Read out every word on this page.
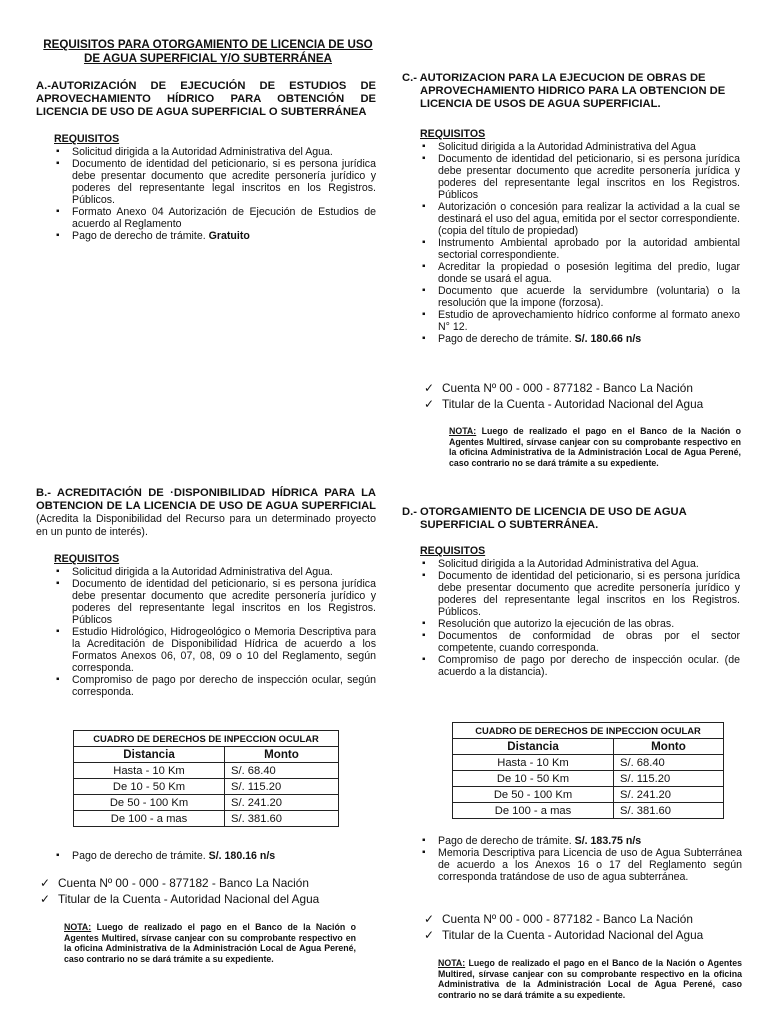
REQUISITOS PARA OTORGAMIENTO DE LICENCIA DE USO DE AGUA SUPERFICIAL Y/O SUBTERRÁNEA

A.-AUTORIZACIÓN DE EJECUCIÓN DE ESTUDIOS DE APROVECHAMIENTO HÍDRICO PARA OBTENCIÓN DE LICENCIA DE USO DE AGUA SUPERFICIAL O SUBTERRÁNEA

REQUISITOS

▪ Solicitud dirigida a la Autoridad Administrativa del Agua.
▪ Documento de identidad del peticionario, si es persona jurídica debe presentar documento que acredite personería jurídico y poderes del representante legal inscritos en los Registros. Públicos.
▪ Formato Anexo 04 Autorización de Ejecución de Estudios de acuerdo al Reglamento
▪ Pago de derecho de trámite. Gratuito

B.- ACREDITACIÓN DE ·DISPONIBILIDAD HÍDRICA PARA LA OBTENCION DE LA LICENCIA DE USO DE AGUA SUPERFICIAL (Acredita la Disponibilidad del Recurso para un determinado proyecto en un punto de interés).

REQUISITOS

▪ Solicitud dirigida a la Autoridad Administrativa del Agua.
▪ Documento de identidad del peticionario, si es persona jurídica debe presentar documento que acredite personería jurídico y poderes del representante legal inscritos en los Registros. Públicos
▪ Estudio Hidrológico, Hidrogeológico o Memoria Descriptiva para la Acreditación de Disponibilidad Hídrica de acuerdo a los Formatos Anexos 06, 07, 08, 09 o 10 del Reglamento, según corresponda.
▪ Compromiso de pago por derecho de inspección ocular, según corresponda.
CUADRO DE DERECHOS DE INPECCION OCULAR	
Distancia	Monto
Hasta - 10 Km	S/. 68.40
De 10 - 50 Km	S/. 115.20
De 50 - 100 Km	S/. 241.20
De 100 - a mas	S/. 381.60
▪ Pago de derecho de trámite. S/. 180.16 n/s
✓ Cuenta Nº 00 - 000 - 877182 - Banco La Nación
✓ Titular de la Cuenta - Autoridad Nacional del Agua
NOTA: Luego de realizado el pago en el Banco de la Nación o Agentes Multired, sírvase canjear con su comprobante respectivo en la oficina Administrativa de la Administración Local de Agua Perené, caso contrario no se dará trámite a su expediente.

C.- AUTORIZACION PARA LA EJECUCION DE OBRAS DE APROVECHAMIENTO HIDRICO PARA LA OBTENCION DE LICENCIA DE USOS DE AGUA SUPERFICIAL.

REQUISITOS

▪ Solicitud dirigida a la Autoridad Administrativa del Agua
▪ Documento de identidad del peticionario, si es persona jurídica debe presentar documento que acredite personería jurídica y poderes del representante legal inscritos en los Registros. Públicos
▪ Autorización o concesión para realizar la actividad a la cual se destinará el uso del agua, emitida por el sector correspondiente. (copia del título de propiedad)
▪ Instrumento Ambiental aprobado por la autoridad ambiental sectorial correspondiente.
▪ Acreditar la propiedad o posesión legitima del predio, lugar donde se usará el agua.
▪ Documento que acuerde la servidumbre (voluntaria) o la resolución que la impone (forzosa).
▪ Estudio de aprovechamiento hídrico conforme al formato anexo N° 12.
▪ Pago de derecho de trámite. S/. 180.66 n/s
✓ Cuenta Nº 00 - 000 - 877182 - Banco La Nación
✓ Titular de la Cuenta - Autoridad Nacional del Agua
NOTA: Luego de realizado el pago en el Banco de la Nación o Agentes Multired, sírvase canjear con su comprobante respectivo en la oficina Administrativa de la Administración Local de Agua Perené, caso contrario no se dará trámite a su expediente.

D.- OTORGAMIENTO DE LICENCIA DE USO DE AGUA SUPERFICIAL O SUBTERRÁNEA.

REQUISITOS

▪ Solicitud dirigida a la Autoridad Administrativa del Agua.
▪ Documento de identidad del peticionario, si es persona jurídica debe presentar documento que acredite personería jurídico y poderes del representante legal inscritos en los Registros. Públicos.
▪ Resolución que autorizo la ejecución de las obras.
▪ Documentos de conformidad de obras por el sector competente, cuando corresponda.
▪ Compromiso de pago por derecho de inspección ocular. (de acuerdo a la distancia).
CUADRO DE DERECHOS DE INPECCION OCULAR	
Distancia	Monto
Hasta - 10 Km	S/. 68.40
De 10 - 50 Km	S/. 115.20
De 50 - 100 Km	S/. 241.20
De 100 - a mas	S/. 381.60
▪ Pago de derecho de trámite. S/. 183.75 n/s
▪ Memoria Descriptiva para Licencia de uso de Agua Subterránea de acuerdo a los Anexos 16 o 17 del Reglamento según corresponda tratándose de uso de agua subterránea.
✓ Cuenta Nº 00 - 000 - 877182 - Banco La Nación
✓ Titular de la Cuenta - Autoridad Nacional del Agua
NOTA: Luego de realizado el pago en el Banco de la Nación o Agentes Multired, sírvase canjear con su comprobante respectivo en la oficina Administrativa de la Administración Local de Agua Perené, caso contrario no se dará trámite a su expediente.
